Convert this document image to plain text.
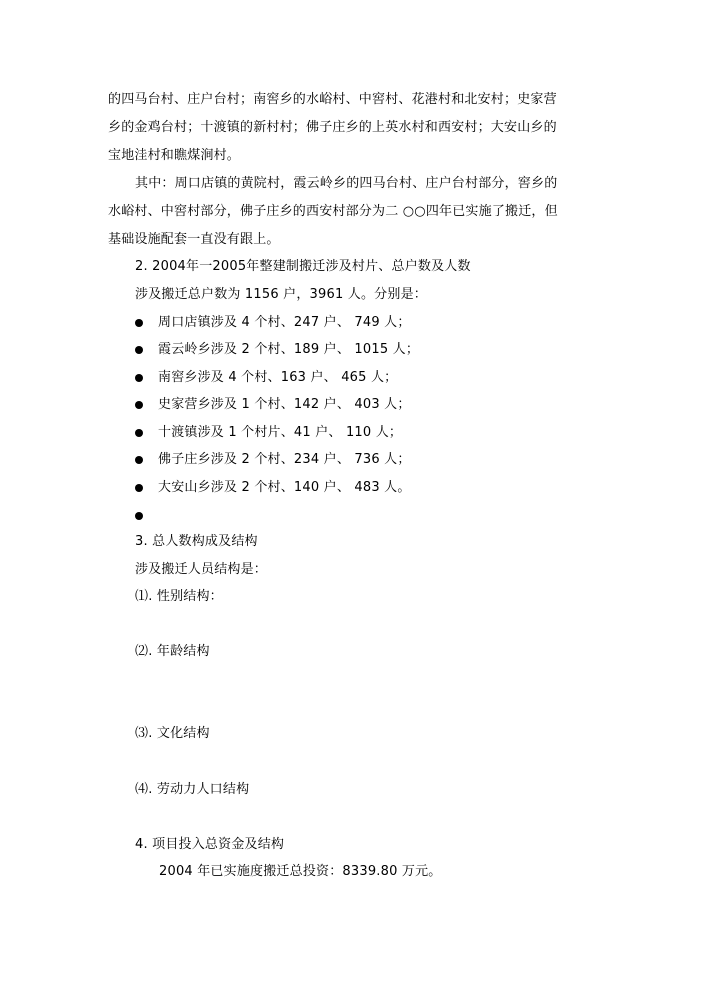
的四马台村、庄户台村；南窖乡的水峪村、中窖村、花港村和北安村；史家营
乡的金鸡台村；十渡镇的新村村；佛子庄乡的上英水村和西安村；大安山乡的
宝地洼村和瞧煤涧村。
其中：周口店镇的黄院村，霞云岭乡的四马台村、庄户台村部分，窖乡的
水峪村、中窖村部分，佛子庄乡的西安村部分为二 ○○四年已实施了搬迁，但
基础设施配套一直没有跟上。
2. 2004年一2005年整建制搬迁涉及村片、总户数及人数
涉及搬迁总户数为 1156 户，3961 人。分别是：
周口店镇涉及 4 个村、247 户、 749 人；
霞云岭乡涉及 2 个村、189 户、 1015 人；
南窖乡涉及 4 个村、163 户、 465 人；
史家营乡涉及 1 个村、142 户、 403 人；
十渡镇涉及 1 个村片、41 户、 110 人；
佛子庄乡涉及 2 个村、234 户、 736 人；
大安山乡涉及 2 个村、140 户、 483 人。
3. 总人数构成及结构
涉及搬迁人员结构是：
⑴. 性别结构：
⑵. 年龄结构
⑶. 文化结构
⑷. 劳动力人口结构
4. 项目投入总资金及结构
2004 年已实施度搬迁总投资：8339.80 万元。
